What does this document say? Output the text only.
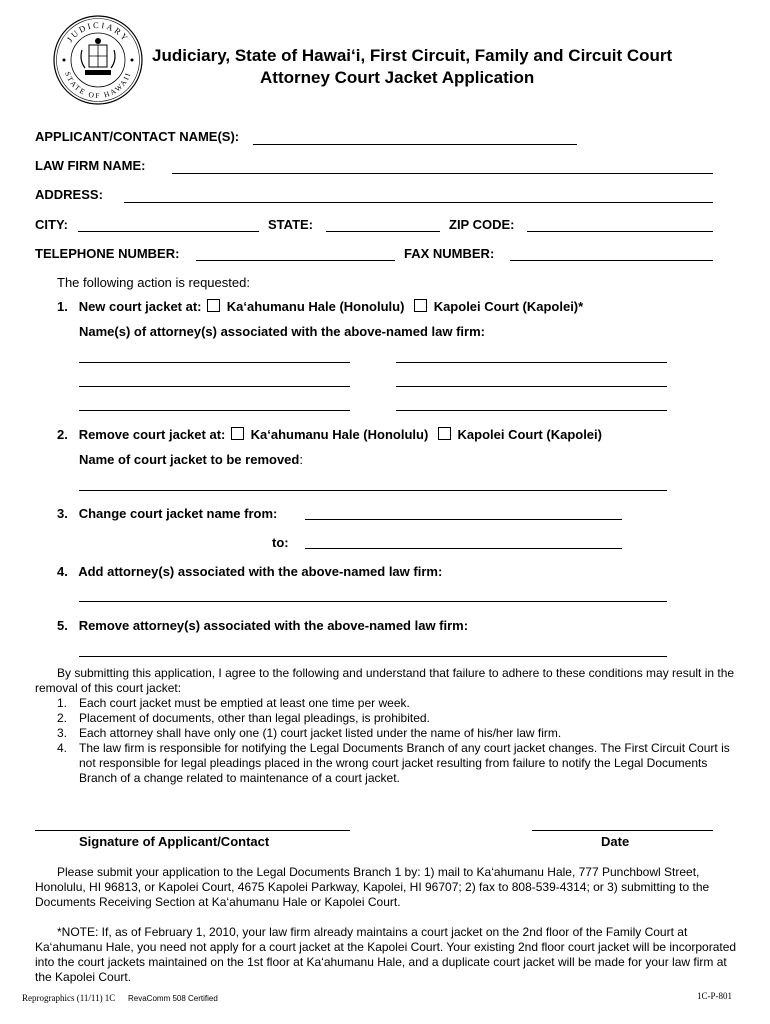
JUDICIARY
STATE OF HAWAII
Judiciary, State of Hawai‘i, First Circuit, Family and Circuit Court
Attorney Court Jacket Application
APPLICANT/CONTACT NAME(S):
LAW FIRM NAME:
ADDRESS:
CITY:	STATE:	ZIP CODE:
TELEPHONE NUMBER:	FAX NUMBER:
The following action is requested:
1. New court jacket at: Ka‘ahumanu Hale (Honolulu) Kapolei Court (Kapolei)*
Name(s) of attorney(s) associated with the above-named law firm:
2. Remove court jacket at: Ka‘ahumanu Hale (Honolulu) Kapolei Court (Kapolei)
Name of court jacket to be removed:
3. Change court jacket name from:
to:
4. Add attorney(s) associated with the above-named law firm:
5. Remove attorney(s) associated with the above-named law firm:
By submitting this application, I agree to the following and understand that failure to adhere to these conditions may result in the removal of this court jacket:
1. Each court jacket must be emptied at least one time per week.
2. Placement of documents, other than legal pleadings, is prohibited.
3. Each attorney shall have only one (1) court jacket listed under the name of his/her law firm.
4. The law firm is responsible for notifying the Legal Documents Branch of any court jacket changes. The First Circuit Court is not responsible for legal pleadings placed in the wrong court jacket resulting from failure to notify the Legal Documents Branch of a change related to maintenance of a court jacket.
Signature of Applicant/Contact	Date
Please submit your application to the Legal Documents Branch 1 by: 1) mail to Ka‘ahumanu Hale, 777 Punchbowl Street, Honolulu, HI 96813, or Kapolei Court, 4675 Kapolei Parkway, Kapolei, HI 96707; 2) fax to 808-539-4314; or 3) submitting to the Documents Receiving Section at Ka‘ahumanu Hale or Kapolei Court.
*NOTE: If, as of February 1, 2010, your law firm already maintains a court jacket on the 2nd floor of the Family Court at Ka‘ahumanu Hale, you need not apply for a court jacket at the Kapolei Court. Your existing 2nd floor court jacket will be incorporated into the court jackets maintained on the 1st floor at Ka‘ahumanu Hale, and a duplicate court jacket will be made for your law firm at the Kapolei Court.
Reprographics (11/11) 1C RevaComm 508 Certified	1C-P-801
